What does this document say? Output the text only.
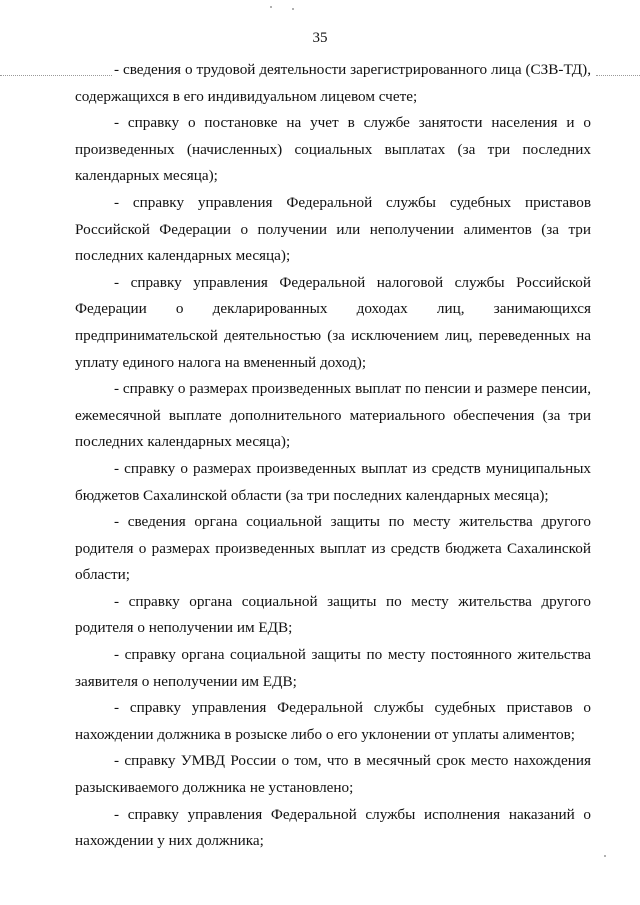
35

- сведения о трудовой деятельности зарегистрированного лица (СЗВ-ТД), содержащихся в его индивидуальном лицевом счете;

- справку о постановке на учет в службе занятости населения и о произведенных (начисленных) социальных выплатах (за три последних календарных месяца);

- справку управления Федеральной службы судебных приставов Российской Федерации о получении или неполучении алиментов (за три последних календарных месяца);

- справку управления Федеральной налоговой службы Российской Федерации о декларированных доходах лиц, занимающихся предпринимательской деятельностью (за исключением лиц, переведенных на уплату единого налога на вмененный доход);

- справку о размерах произведенных выплат по пенсии и размере пенсии, ежемесячной выплате дополнительного материального обеспечения (за три последних календарных месяца);

- справку о размерах произведенных выплат из средств муниципальных бюджетов Сахалинской области (за три последних календарных месяца);

- сведения органа социальной защиты по месту жительства другого родителя о размерах произведенных выплат из средств бюджета Сахалинской области;

- справку органа социальной защиты по месту жительства другого родителя о неполучении им ЕДВ;

- справку органа социальной защиты по месту постоянного жительства заявителя о неполучении им ЕДВ;

- справку управления Федеральной службы судебных приставов о нахождении должника в розыске либо о его уклонении от уплаты алиментов;

- справку УМВД России о том, что в месячный срок место нахождения разыскиваемого должника не установлено;

- справку управления Федеральной службы исполнения наказаний о нахождении у них должника;
